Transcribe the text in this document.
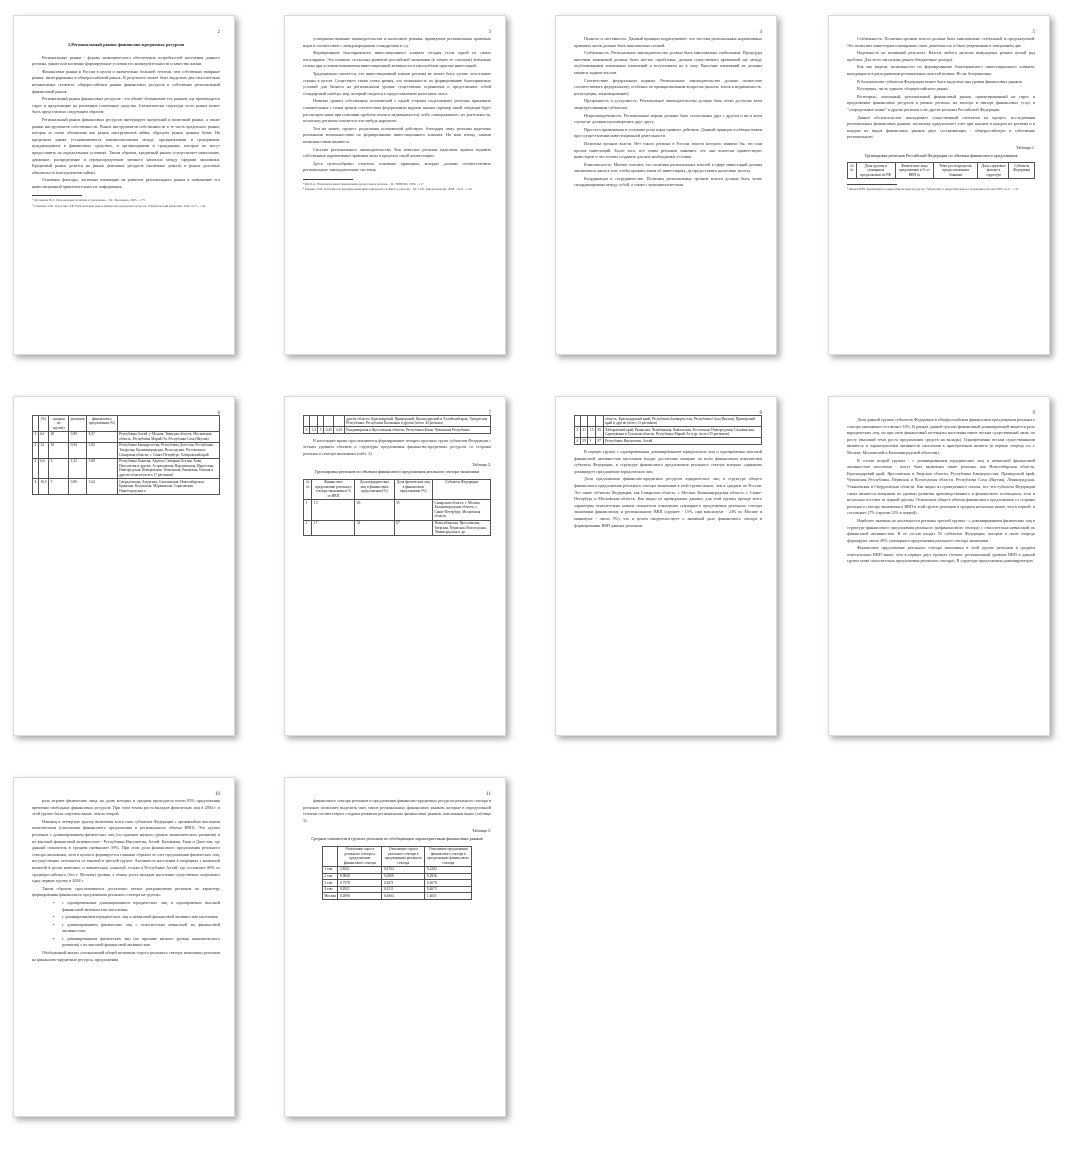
2
1.Региональный рынок финансово-кредитных ресурсов

Региональные рынки - формы экономического обеспечения потребностей населения данного региона, прямо или косвенно формирующие условия его жизнедеятельности и качества жизни.

Финансовые рынки в России в целом и значительно большей степени, чем собственно товарные рынки, интегрированы в общероссийский рынок. В результате может быть выделено два относительно независимых сегмента: общероссийские рынки финансовых ресурсов и собственно региональный финансовый рынок.

Региональный рынок финансовых ресурсов - это общее обозначение тех рынков, где производится спрос и предложение на различные платежные средства. Схематически структура этого рынка может быть представлена следующим образом:

Региональный рынок финансовых ресурсов интегрирует кредитный и валютный рынки, а также рынки инструментов собственности. Рынок инструментов собственности в те часть кредитного рынка, которая за схеме обозначена как рынок инструментов займа, образуют рынок ценных бумаг. На кредитном рынке устанавливаются взаимоотношения между предприятиями и гражданами, нуждающимися в финансовых средствах, и организациями и гражданами, которые их могут предоставить на определенных условиях. Таким образом, кредитный рынок осуществляет накопление, движение, распределение и перераспределение заемного капитала между сферами экономики. Кредитный рынок делится на рынок денежных ресурсов (наличные деньги) и рынок долговых обязательств (инструментов займа).

Основные факторы, логичные влияющие на развитие регионального рынка в повышение его инвестиционной привлекательности: информация,

¹ Дуганинов Ю.С. Региональная политика и управление. - М.: Экономика, 2005. - с.75.

² Стешенко Т.Ф., Трасухина Т.В. Региональный рынок финансово-кредитных ресурсов. //Практический маркетинг, 2002, № 7. - с.22.

3

усовершенствование законодательства и налогового режима, приведение региональных правовых норм в соответствие с международными стандартами и т.д.

Формирование благоприятного инвестиционного климата сегодня стала одной из самых популярных. Это понятно, поскольку развитие российской экономики (в точнее ее спасение) возможно только при условии повышения инвестиционной активности и масштабном притоке инвестиций.

Традиционно считается, что инвестиционный климат региона не может быть лучше, чем климат страны в целом. Существует также точка зрения, что возможность по формированию благоприятных условий для бизнеса на региональном уровне существенно ограничена и представляют собой стандартный «набор» мер, который сводится к предоставлению налоговых льгот.

Новизна границ собственных полномочий с одной стороны подталкивает регионы принимать сомнительные с точки зрения соответствия федеральным нормам законы (пример такой ситуации будет рассмотрен ниже при описании проблем земли и недвижимости), либо «замораживает» их деятельность, поскольку регионы опасаются что-нибудь нарушить.

Тем не менее, процесс разделения полномочий действует, благодаря чему регионы наделены реальными возможностями по формированию инвестиционного климата. На наш взгляд такими возможностями являются:

Система регионального законодательства. Как известно регионы наделены правом издавать собственные нормативные правовые акты в пределах своей компетенции.

Здесь целесообразно отметить основные принципы, которые должны соответствовать региональные законодательные системы:

³ Куб Б.А. Управление инвестиционными процессами в регионе. - М.: ЮНИТИ, 1999. - с.17

⁴ Рудкина Л.М. Особенности формирования инвестиционного климата в регионе. - М.: СПб: финансовая им., 2008. - № 6. - с.44.

4

Полнота и системность. Данный принцип подразумевает, что система региональных нормативных правовых актов должна быть максимально полной.

Стабильность. Региональное законодательство должно быть максимально стабильным. Процедура внесения изменений должна быть жестко отработана, должен существовать временной лаг между опубликованием возможных изменений и вступлением их в силу. Внесение изменений не должны менятся задним числом.

Соответствие федеральным нормам. Региональное законодательство должно полностью соответствовать федеральному, особенно по принципиальным вопросам (налоги, земля и недвижимость, регистрация, лицензирование).

Прозрачность и доступность. Региональное законодательство должно быть легко доступно всем заинтересованным субъектам.

Непротиворечивость. Региональные нормы должны быть согласованы друг с другом и ни в коем случае не должны противоречить друг другу.

Простота применения и усиление роли норм прямого действия. Данный принцип особенно важен при осуществлении инвестиционной деятельности.

Политика органов власти. Нет такого региона в России, власти которого заявили бы, что они против инвестиций. Более того, все главы регионов заявляют, что они всячески приветствуют инвесторов и что готовы создавать для них необходимые условия.

Комплексность. Многие считают, что политика региональных властей в сфере инвестиций должна заключаться лишь в том, чтобы принять закон об инвестициях, да предоставить налоговые льготы.

Координация и сотрудничество. Политика региональных органов власти должна быть четко скоординирована между собой, а также с муниципалитетами.

5

Стабильность. Политика органов власти должна быть максимально стабильной и предсказуемой. Это позволяет инвесторам планировать свою деятельность и быть уверенными в завтрашнем дне.

Надежность не взаимный результат. Власти любого региона вынуждены решать целый ряд проблем. Для этого им нужны деньги (бюджетные доходы).

Как мы видели, возможности по формированию благоприятного инвестиционного климата, находящиеся в распоряжении региональных властей велики. Но не безграничны.

В большинстве субъектов Федерации может быть выделено два уровня финансовых рынков.

Во-первых, часть единого общероссийского рынка.

Во-вторых, локальный, региональный финансовый рынок, ориентированный на спрос и предложение финансовых ресурсов в рамках региона, на экспорт и импорт финансовых услуг в "сопредельные плане" и другие регионы и во другие регионы Российской Федерации.

Данное обстоятельство накладывает существенный отпечаток на процесс исследования региональных финансовых рынков, поскольку предполагает учет при анализе в каждом их региона и в каждом их видов финансовых рынков двух составляющих - общероссийскую и собственно региональную.

Таблица 1.
Группировка регионов Российской Федерации по объемам финансового предложения
№ №	Доля группы в суммарном предложении по РФ	Физические лица предложение в % от ВВП (к	Темп роста кредитов, предоставленных банками	Доля страховых выплат в структуре	Субъекты Федерации

⁵ Иванов В.Ю. Концепция по рынке финансовых ресурсов // Маркетинг и маркетинговые исследования в России 2005, № 9. - с.41

6
	(%)	средняя по группе)	регионов	финансового предложения (%)	
3	64	29	0,89	8,37	Республика Алтай, г. Москва, Тверская область, Московская область, Республика Марий Эл, Республика Саха (Якутия)
2	12	10	0,94	1,85	Республика Башкортостан, Республика Дагестан, Республика Татарстан, Калининградская, Вологодская, Ростовская и Самарская области, г. Санкт-Петербург, Хабаровский край
3	6,6	4	1,52	5,00	Республика Хакасия, Адыгея, Северная Осетия, Тыва, Ингушетия и другие, Астраханская, Воронежская, Иркутская, Новгородская, Кемеровская, Тюменская, Рязанская, Омская и другие области (всего 17 регионов)
4	16,5	5	0,80	3,24	Свердловская, Амурская, Сахалинская, Новосибирская, Брянская, Калужская, Мурманская, Саратовская, Нижегородская и
7
					другие области, Красноярский, Приморский, Краснодарский и Алтайский края, Удмуртская Республика, Республика Калмыкия и другие (всего 43 региона)
5	1,4	5	0,45	4,10	Владимирская и Ярославская области, Республика Коми, Чувашская Республика

В настоящее время прослеживается формирование четырех крупных групп субъектов Федерации с четким уровнем объемов и структуры предложения финансово-кредитных ресурсов со стороны реального сектора экономики (табл. 2).

Таблица 2.
Группировка регионов по объемам финансового предложения реального сектора экономики
№ №	Финансовое предложение реального сектора экономики в % от ВВП	Доля юридических лиц в финансовом предложении (%)	Доля физических лиц в финансовом предложении (%)	Субъекты Федерации
1	15	65	35	Самарская область, г. Москва, Калининградская область, г. Санкт-Петербург, Московская область
2	17	31	67	Новосибирская, Ярославская, Тверская, Пермская, Вологодская, Ленинградская и др.
8
				область, Краснодарский край, Республика Башкортостан, Республика Саха (Якутия), Приморский край и другие (всего 13 регионов)
3	21	15	85	Хабаровский край, Рязанская, Челябинская, Камчатская, Ростовская, Новгородская, Сахалинская, Саратовская и Тульская области, Республика Марий Эл и др. (всего 55 регионов).
4	59	1	87	Республика Ингушетия, Алтай

В первую группу с одновременным доминированием юридических лиц и одновременно высокой финансовой активностью населения входят достаточно мощные по всем финансовым показателям субъекты Федерации, в структуре финансового предложения реального сектора которых одинаково доминирует предложение юридических лиц.

Доля предложения финансово-кредитных ресурсов юридических лиц в структуре общего финансового предложения реального сектора экономики в этой группе выше, чем в среднем по России. Это такие субъекты Федерации, как Самарская область, г. Москва, Калининградская область, г. Санкт-Петербург и Московская область. Как видно из приведенных данных, для этой группы прежде всего характерна относительно низкие показатели отношения суммарного предложения реального сектора экономики финансовому и региональному ВВП (среднее - 15%, при максимуме - 24% по Москве и минимуме - около 5%), что в целом свидетельствует о значимой доле финансового сектора в формировании ВВП данных регионов.

9

Доля данной группы субъектов Федерации в общероссийском финансовом предложении реального сектора экономики составляет 33%. В рамках данной группы финансовый доминирующей является роль юридических лиц, но при этом финансовый потенциал населения имеет весьма существенный запас по росту (высокий темп роста предложения средств на вклады). Одновременно весьма существенными являются и характеристики активности населения в приобретении валюты (в первую очередь по г. Москве, Московской и Калининградской областям).

В состав второй группы - с доминированием юридических лиц и невысокой финансовой активностью населения - могут быть включены такие регионы, как Новосибирская область, Краснодарский край, Ярославская и Тверская области, Республика Башкортостан, Приморский край, Чувашская Республика, Пермская и Вологодская области, Республика Саха (Якутия), Ленинградская, Ульяновская и Свердловская области. Как видно из приведенного списка, все эти субъекты Федерации также являются мощными по уровню развития производственного и финансового потенциала, хотя и несколько отстают от первой группы. Отношение общего объема финансового предложения со стороны реального сектора экономики к ВВП в этой группе регионов в среднем несколько выше, чем в первой, и составляет 17% (против 12% в первой).

Наиболее значимы по численности регионы третьей группы - с доминированием физических лиц в структуре финансового предложения реального (нефинансового сектора) с относительно невысокой их финансовой активностью. В ее состав входят 55 субъектов Федерации, которые в свою очередь формируют около 49% суммарного предложения реального сектора экономики.

Финансовое предложение реального сектора экономики в этой группе регионов в среднем относительно ВВП выше, чем в первых двух группах (точнее, региональный уровень ВВП в данной группе ниже относительно предложения реального сектора). В структуре предложения доминирующую

10

роль играют физические лица, на долю которых в среднем приходится почти 85% предложения временно свободных финансовых ресурсов. При этом темпы роста вкладов физических лиц в 2004 г. в этой группе были ощутимо выше, чем во второй.

Наконец в четвертую группу включены всего пять субъектов Федерации с чрезвычайно высокими показателями (отношения финансового предложения и регионального объема ВВП). Это группа регионов с доминированием физических лиц (по причине низкого уровня экономического развития) и их высокой финансовой активностью - Республики Ингушетия, Алтай, Калмыкия, Тыва и Дагестан, где данный показатель в среднем превышает 59%. При этом доля финансового предложения реального сектора экономики, хотя в целом и формируется главным образом за счет предложения физических лиц, несущественно отличается от таковой в третьей группе. Активность населения в операциях с наличной валютой в целом невелика, и значительно, пожалуй, только в Республике Алтай, где составляет 86% от среднероссийского (без г. Москвы) уровня, а темпы роста вкладов населения существенно опережают одну первую группу в 2004 г.

Таким образом, прослеживается достаточно четкое разграничение регионов по характеру формирования финансового предложения реального сектора на группы:

• с одновременным доминированием юридических лиц и одновременно высокой финансовой активностью населения;
• с доминированием юридических лиц и невысокой финансовой активностью населения;
• с доминированием физических лиц с относительно невысокой их финансовой активностью;
• с доминированием физических лиц (по причине низкого уровня экономического развития) с их высокой финансовой активностью.

Обобщенный анализ соотношений общей величины спроса реального сектора экономики регионов на финансово-кредитные ресурсы, предложения

11

финансового сектора регионов и предложения финансово-кредитных ресурсов реального сектора в регионах позволяет выделить пять типов региональных финансовых рынков, которые в определенной степени соответствуют стадиям развития региональных финансовых рынков, описанным выше (таблица 3).

Таблица 3.
Средние показатели в группах регионов по обобщающим характеристикам финансовых рынков
	Отношение спроса реального сектора к предложению финансового сектора	Отношение спроса реального сектора к предложению реального сектора	Отношение предложения финансового сектора к предложению финансового сектора
1 тип	2,8321	0,4764	0,2202
2 тип	0,9840	0,2809	0,2836
3 тип	0,7578	0,2671	0,3679
4 тип	0,4921	0,2311	0,4673
Москва	0,2896	0,4064	1,4031
